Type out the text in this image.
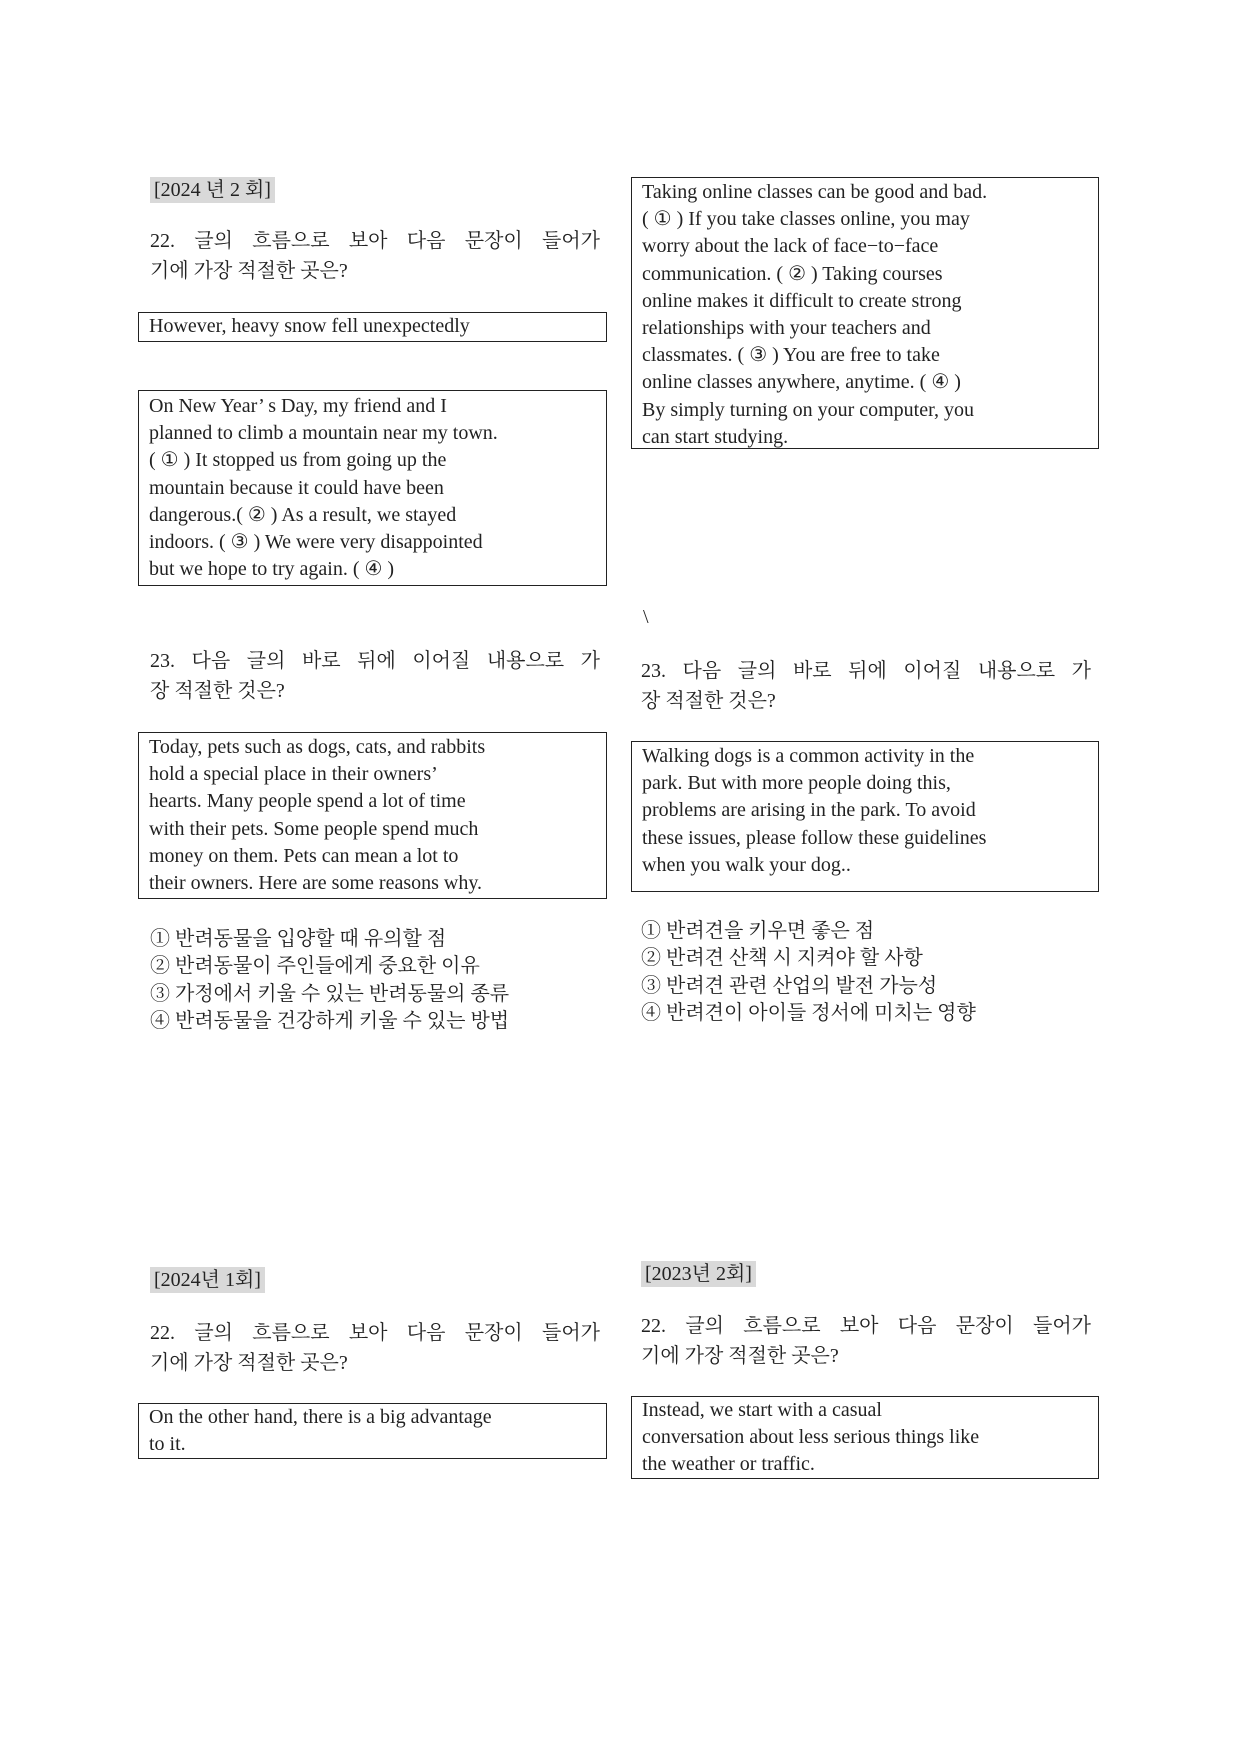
[2024 년 2 회]
22. 글의 흐름으로 보아 다음 문장이 들어가
기에 가장 적절한 곳은?
However, heavy snow fell unexpectedly
On New Year’ s Day, my friend and I
planned to climb a mountain near my town.
( ① ) It stopped us from going up the
mountain because it could have been
dangerous.( ② ) As a result, we stayed
indoors. ( ③ ) We were very disappointed
but we hope to try again. ( ④ )
23. 다음 글의 바로 뒤에 이어질 내용으로 가
장 적절한 것은?
Today, pets such as dogs, cats, and rabbits
hold a special place in their owners’
hearts. Many people spend a lot of time
with their pets. Some people spend much
money on them. Pets can mean a lot to
their owners. Here are some reasons why.
① 반려동물을 입양할 때 유의할 점
② 반려동물이 주인들에게 중요한 이유
③ 가정에서 키울 수 있는 반려동물의 종류
④ 반려동물을 건강하게 키울 수 있는 방법
[2024년 1회]
22. 글의 흐름으로 보아 다음 문장이 들어가
기에 가장 적절한 곳은?
On the other hand, there is a big advantage
to it.
Taking online classes can be good and bad.
( ① ) If you take classes online, you may
worry about the lack of face−to−face
communication. ( ② ) Taking courses
online makes it difficult to create strong
relationships with your teachers and
classmates. ( ③ ) You are free to take
online classes anywhere, anytime. ( ④ )
By simply turning on your computer, you
can start studying.
\
23. 다음 글의 바로 뒤에 이어질 내용으로 가
장 적절한 것은?
Walking dogs is a common activity in the
park. But with more people doing this,
problems are arising in the park. To avoid
these issues, please follow these guidelines
when you walk your dog..
① 반려견을 키우면 좋은 점
② 반려견 산책 시 지켜야 할 사항
③ 반려견 관련 산업의 발전 가능성
④ 반려견이 아이들 정서에 미치는 영향
[2023년 2회]
22. 글의 흐름으로 보아 다음 문장이 들어가
기에 가장 적절한 곳은?
Instead, we start with a casual
conversation about less serious things like
the weather or traffic.
